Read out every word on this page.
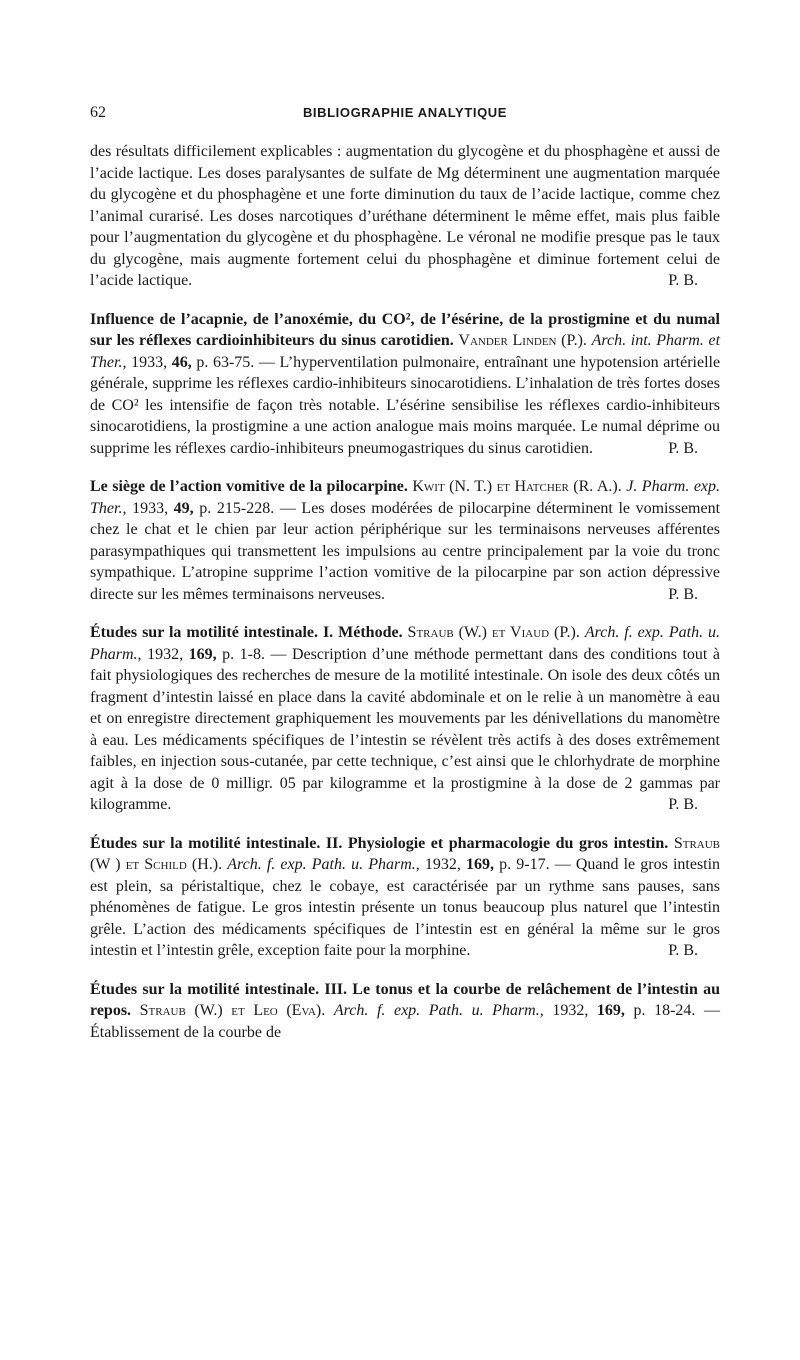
62	BIBLIOGRAPHIE ANALYTIQUE

des résultats difficilement explicables : augmentation du glycogène et du phosphagène et aussi de l’acide lactique. Les doses paralysantes de sulfate de Mg déterminent une augmentation marquée du glycogène et du phosphagène et une forte diminution du taux de l’acide lactique, comme chez l’animal curarisé. Les doses narcotiques d’uréthane déterminent le même effet, mais plus faible pour l’augmentation du glycogène et du phosphagène. Le véronal ne modifie presque pas le taux du glycogène, mais augmente fortement celui du phosphagène et diminue fortement celui de l’acide lactique.	P. B.

Influence de l’acapnie, de l’anoxémie, du CO², de l’ésérine, de la prostigmine et du numal sur les réflexes cardioinhibiteurs du sinus carotidien. Vander Linden (P.). Arch. int. Pharm. et Ther., 1933, 46, p. 63-75. — L’hyperventilation pulmonaire, entraînant une hypotension artérielle générale, supprime les réflexes cardio-inhibiteurs sinocarotidiens. L’inhalation de très fortes doses de CO² les intensifie de façon très notable. L’ésérine sensibilise les réflexes cardio-inhibiteurs sinocarotidiens, la prostigmine a une action analogue mais moins marquée. Le numal déprime ou supprime les réflexes cardio-inhibiteurs pneumogastriques du sinus carotidien.	P. B.

Le siège de l’action vomitive de la pilocarpine. Kwit (N. T.) et Hatcher (R. A.). J. Pharm. exp. Ther., 1933, 49, p. 215-228. — Les doses modérées de pilocarpine déterminent le vomissement chez le chat et le chien par leur action périphérique sur les terminaisons nerveuses afférentes parasympathiques qui transmettent les impulsions au centre principalement par la voie du tronc sympathique. L’atropine supprime l’action vomitive de la pilocarpine par son action dépressive directe sur les mêmes terminaisons nerveuses.	P. B.

Études sur la motilité intestinale. I. Méthode. Straub (W.) et Viaud (P.). Arch. f. exp. Path. u. Pharm., 1932, 169, p. 1-8. — Description d’une méthode permettant dans des conditions tout à fait physiologiques des recherches de mesure de la motilité intestinale. On isole des deux côtés un fragment d’intestin laissé en place dans la cavité abdominale et on le relie à un manomètre à eau et on enregistre directement graphiquement les mouvements par les dénivellations du manomètre à eau. Les médicaments spécifiques de l’intestin se révèlent très actifs à des doses extrêmement faibles, en injection sous-cutanée, par cette technique, c’est ainsi que le chlorhydrate de morphine agit à la dose de 0 milligr. 05 par kilogramme et la prostigmine à la dose de 2 gammas par kilogramme.	P. B.

Études sur la motilité intestinale. II. Physiologie et pharmacologie du gros intestin. Straub (W ) et Schild (H.). Arch. f. exp. Path. u. Pharm., 1932, 169, p. 9-17. — Quand le gros intestin est plein, sa péristaltique, chez le cobaye, est caractérisée par un rythme sans pauses, sans phénomènes de fatigue. Le gros intestin présente un tonus beaucoup plus naturel que l’intestin grêle. L’action des médicaments spécifiques de l’intestin est en général la même sur le gros intestin et l’intestin grêle, exception faite pour la morphine.	P. B.

Études sur la motilité intestinale. III. Le tonus et la courbe de relâchement de l’intestin au repos. Straub (W.) et Leo (Eva). Arch. f. exp. Path. u. Pharm., 1932, 169, p. 18-24. — Établissement de la courbe de
